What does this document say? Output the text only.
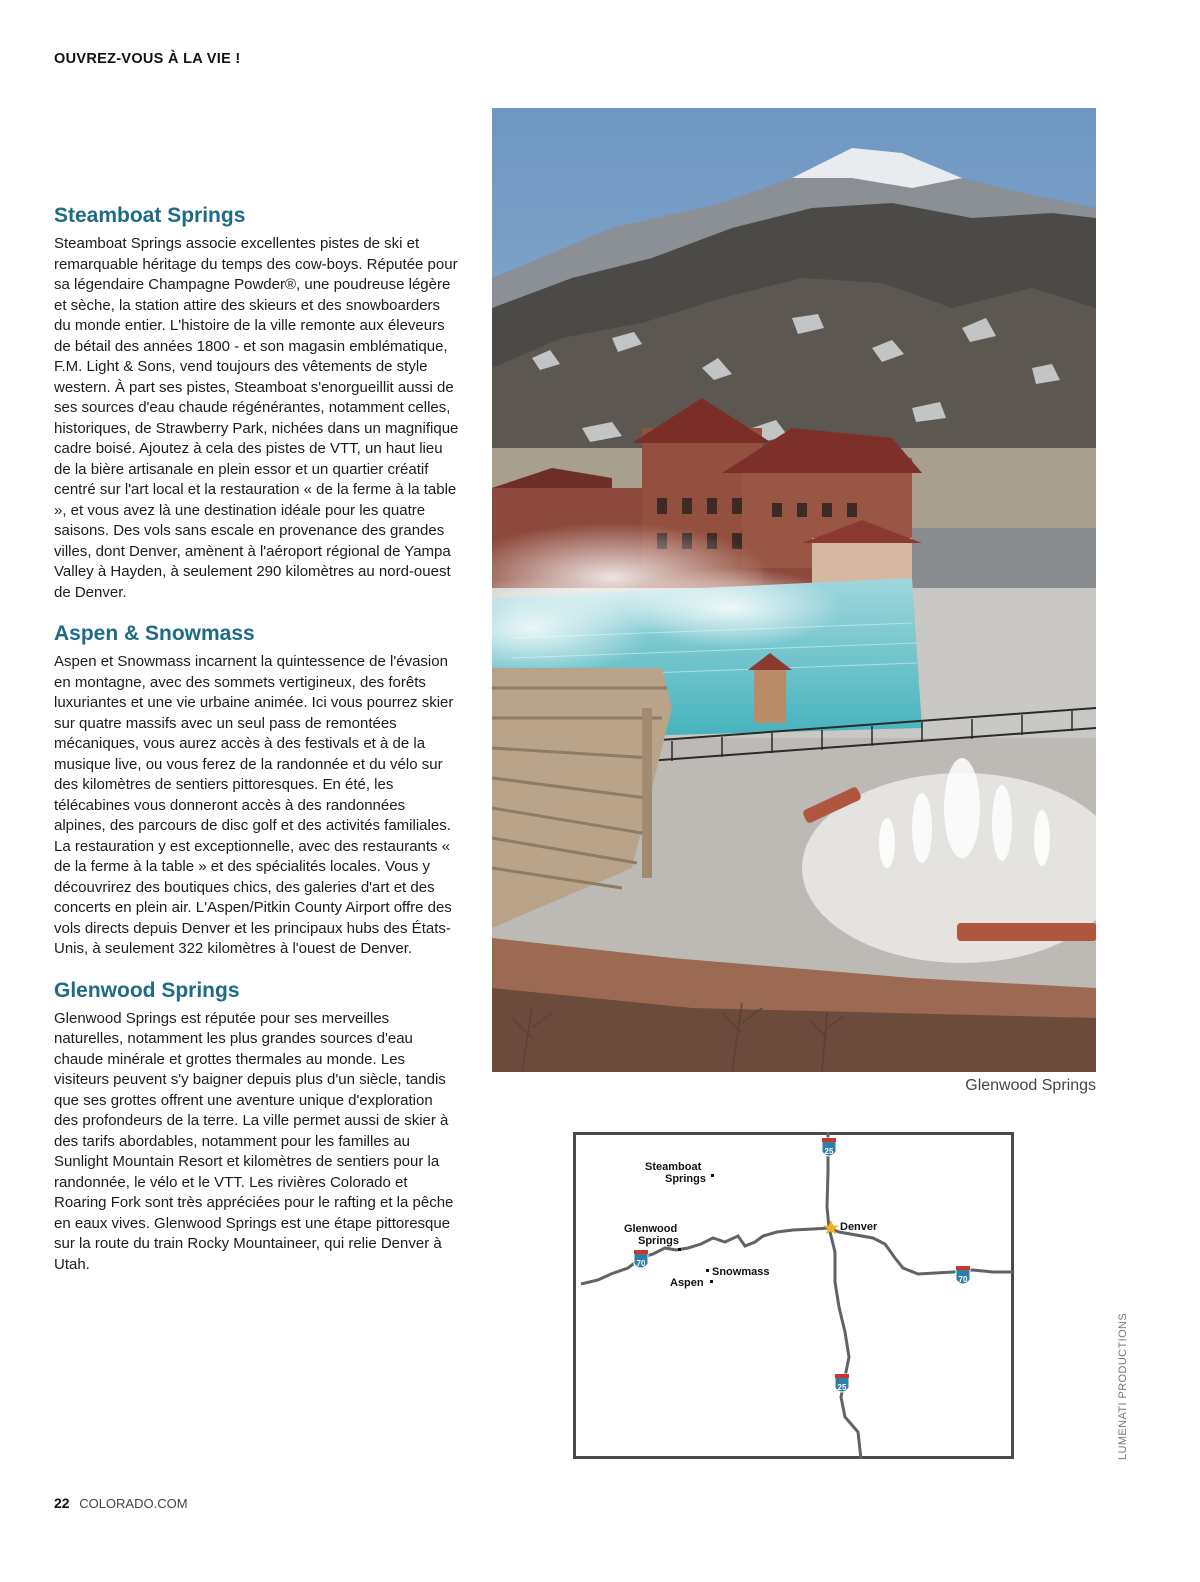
OUVREZ-VOUS À LA VIE !
Steamboat Springs

Steamboat Springs associe excellentes pistes de ski et remarquable héritage du temps des cow-boys. Réputée pour sa légendaire Champagne Powder®, une poudreuse légère et sèche, la station attire des skieurs et des snowboarders du monde entier. L'histoire de la ville remonte aux éleveurs de bétail des années 1800 - et son magasin emblématique, F.M. Light & Sons, vend toujours des vêtements de style western. À part ses pistes, Steamboat s'enorgueillit aussi de ses sources d'eau chaude régénérantes, notamment celles, historiques, de Strawberry Park, nichées dans un magnifique cadre boisé. Ajoutez à cela des pistes de VTT, un haut lieu de la bière artisanale en plein essor et un quartier créatif centré sur l'art local et la restauration « de la ferme à la table », et vous avez là une destination idéale pour les quatre saisons. Des vols sans escale en provenance des grandes villes, dont Denver, amènent à l'aéroport régional de Yampa Valley à Hayden, à seulement 290 kilomètres au nord-ouest de Denver.

Aspen & Snowmass

Aspen et Snowmass incarnent la quintessence de l'évasion en montagne, avec des sommets vertigineux, des forêts luxuriantes et une vie urbaine animée. Ici vous pourrez skier sur quatre massifs avec un seul pass de remontées mécaniques, vous aurez accès à des festivals et à de la musique live, ou vous ferez de la randonnée et du vélo sur des kilomètres de sentiers pittoresques. En été, les télécabines vous donneront accès à des randonnées alpines, des parcours de disc golf et des activités familiales. La restauration y est exceptionnelle, avec des restaurants « de la ferme à la table » et des spécialités locales. Vous y découvrirez des boutiques chics, des galeries d'art et des concerts en plein air. L'Aspen/Pitkin County Airport offre des vols directs depuis Denver et les principaux hubs des États-Unis, à seulement 322 kilomètres à l'ouest de Denver.

Glenwood Springs

Glenwood Springs est réputée pour ses merveilles naturelles, notamment les plus grandes sources d'eau chaude minérale et grottes thermales au monde. Les visiteurs peuvent s'y baigner depuis plus d'un siècle, tandis que ses grottes offrent une aventure unique d'exploration des profondeurs de la terre. La ville permet aussi de skier à des tarifs abordables, notamment pour les familles au Sunlight Mountain Resort et kilomètres de sentiers pour la randonnée, le vélo et le VTT. Les rivières Colorado et Roaring Fork sont très appréciées pour le rafting et la pêche en eaux vives. Glenwood Springs est une étape pittoresque sur la route du train Rocky Mountaineer, qui relie Denver à Utah.

Glenwood Springs
25
25
70
70
Steamboat
Springs
Glenwood
Springs
Denver
Snowmass
Aspen
LUMENATI PRODUCTIONS
22 COLORADO.COM
